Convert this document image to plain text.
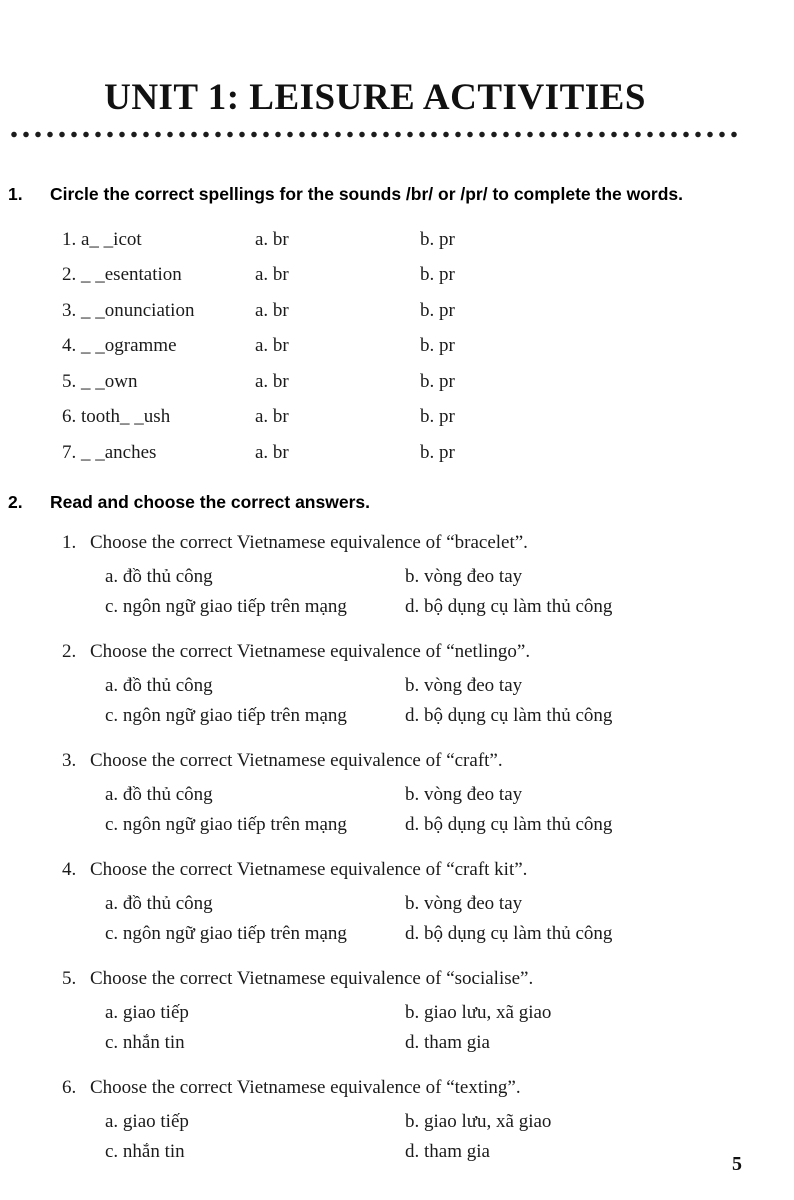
UNIT 1: LEISURE ACTIVITIES
1.	Circle the correct spellings for the sounds /br/ or /pr/ to complete the words.
1. a_ _icot	a. br	b. pr
2. _ _esentation	a. br	b. pr
3. _ _onunciation	a. br	b. pr
4. _ _ogramme	a. br	b. pr
5. _ _own	a. br	b. pr
6. tooth_ _ush	a. br	b. pr
7. _ _anches	a. br	b. pr
2.	Read and choose the correct answers.
1. Choose the correct Vietnamese equivalence of “bracelet”.
a. đồ thủ công	b. vòng đeo tay
c. ngôn ngữ giao tiếp trên mạng	d. bộ dụng cụ làm thủ công
2. Choose the correct Vietnamese equivalence of “netlingo”.
a. đồ thủ công	b. vòng đeo tay
c. ngôn ngữ giao tiếp trên mạng	d. bộ dụng cụ làm thủ công
3. Choose the correct Vietnamese equivalence of “craft”.
a. đồ thủ công	b. vòng đeo tay
c. ngôn ngữ giao tiếp trên mạng	d. bộ dụng cụ làm thủ công
4. Choose the correct Vietnamese equivalence of “craft kit”.
a. đồ thủ công	b. vòng đeo tay
c. ngôn ngữ giao tiếp trên mạng	d. bộ dụng cụ làm thủ công
5. Choose the correct Vietnamese equivalence of “socialise”.
a. giao tiếp	b. giao lưu, xã giao
c. nhắn tin	d. tham gia
6. Choose the correct Vietnamese equivalence of “texting”.
a. giao tiếp	b. giao lưu, xã giao
c. nhắn tin	d. tham gia
5
